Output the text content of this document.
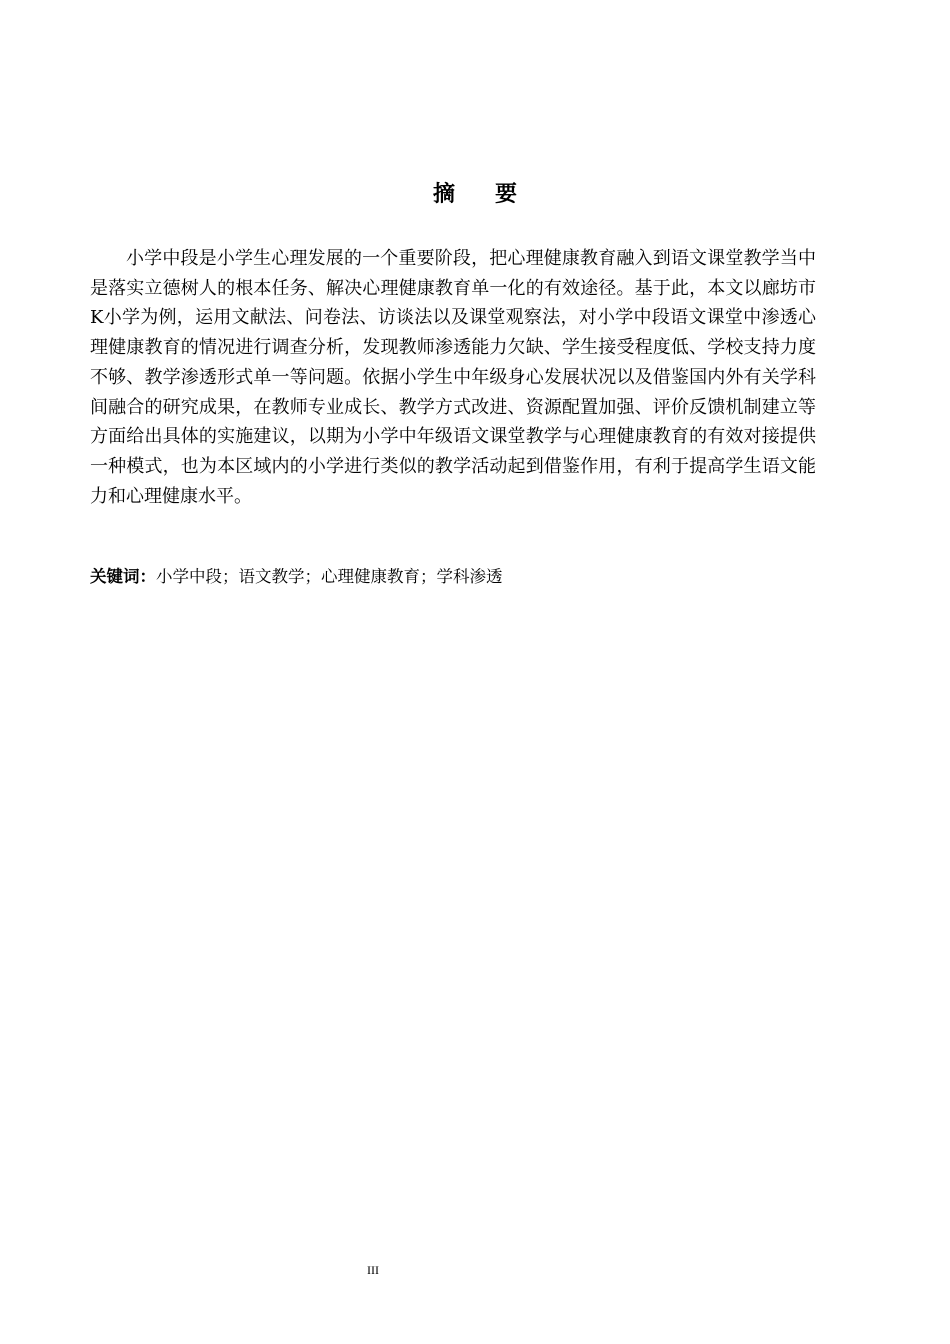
摘要

小学中段是小学生心理发展的一个重要阶段，把心理健康教育融入到语文课堂教学当中是落实立德树人的根本任务、解决心理健康教育单一化的有效途径。基于此，本文以廊坊市K小学为例，运用文献法、问卷法、访谈法以及课堂观察法，对小学中段语文课堂中渗透心理健康教育的情况进行调查分析，发现教师渗透能力欠缺、学生接受程度低、学校支持力度不够、教学渗透形式单一等问题。依据小学生中年级身心发展状况以及借鉴国内外有关学科间融合的研究成果，在教师专业成长、教学方式改进、资源配置加强、评价反馈机制建立等方面给出具体的实施建议，以期为小学中年级语文课堂教学与心理健康教育的有效对接提供一种模式，也为本区域内的小学进行类似的教学活动起到借鉴作用，有利于提高学生语文能力和心理健康水平。

关键词：小学中段；语文教学；心理健康教育；学科渗透

III
